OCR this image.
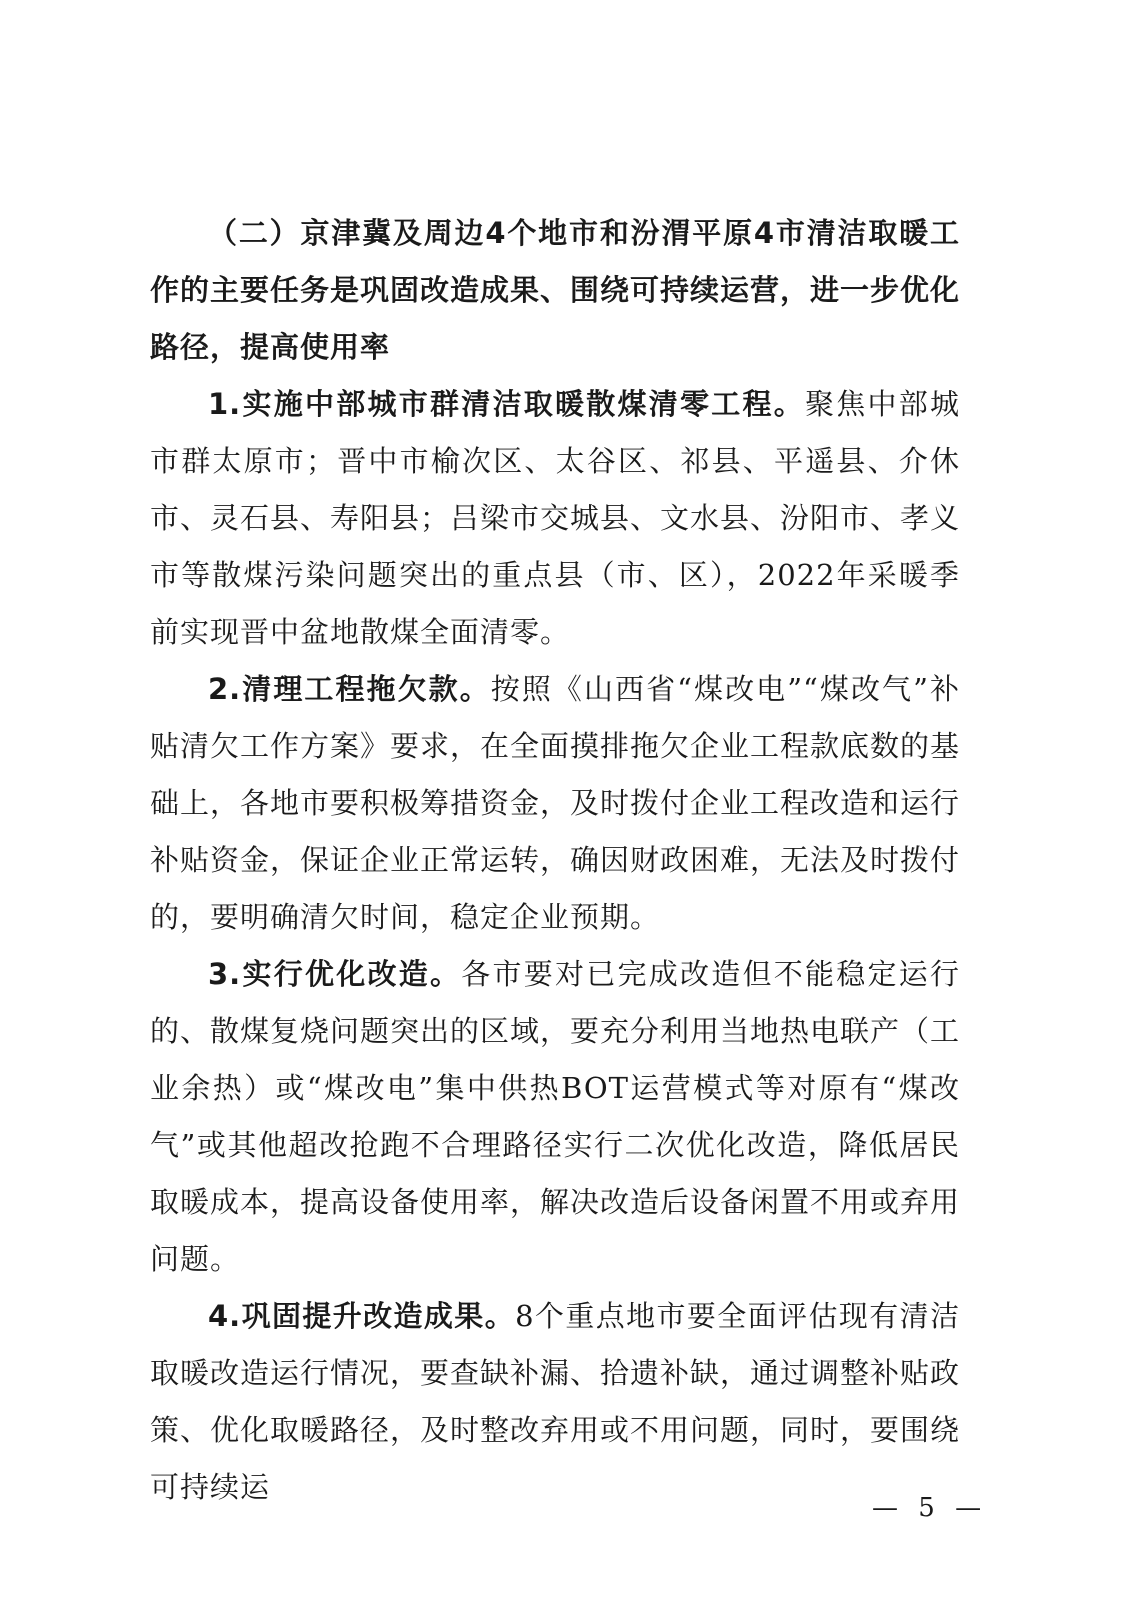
（二）京津冀及周边4个地市和汾渭平原4市清洁取暖工作的主要任务是巩固改造成果、围绕可持续运营，进一步优化路径，提高使用率

1.实施中部城市群清洁取暖散煤清零工程。聚焦中部城市群太原市；晋中市榆次区、太谷区、祁县、平遥县、介休市、灵石县、寿阳县；吕梁市交城县、文水县、汾阳市、孝义市等散煤污染问题突出的重点县（市、区），2022年采暖季前实现晋中盆地散煤全面清零。

2.清理工程拖欠款。按照《山西省“煤改电”“煤改气”补贴清欠工作方案》要求，在全面摸排拖欠企业工程款底数的基础上，各地市要积极筹措资金，及时拨付企业工程改造和运行补贴资金，保证企业正常运转，确因财政困难，无法及时拨付的，要明确清欠时间，稳定企业预期。

3.实行优化改造。各市要对已完成改造但不能稳定运行的、散煤复烧问题突出的区域，要充分利用当地热电联产（工业余热）或“煤改电”集中供热BOT运营模式等对原有“煤改气”或其他超改抢跑不合理路径实行二次优化改造，降低居民取暖成本，提高设备使用率，解决改造后设备闲置不用或弃用问题。

4.巩固提升改造成果。8个重点地市要全面评估现有清洁取暖改造运行情况，要查缺补漏、拾遗补缺，通过调整补贴政策、优化取暖路径，及时整改弃用或不用问题，同时，要围绕可持续运

— 5 —
